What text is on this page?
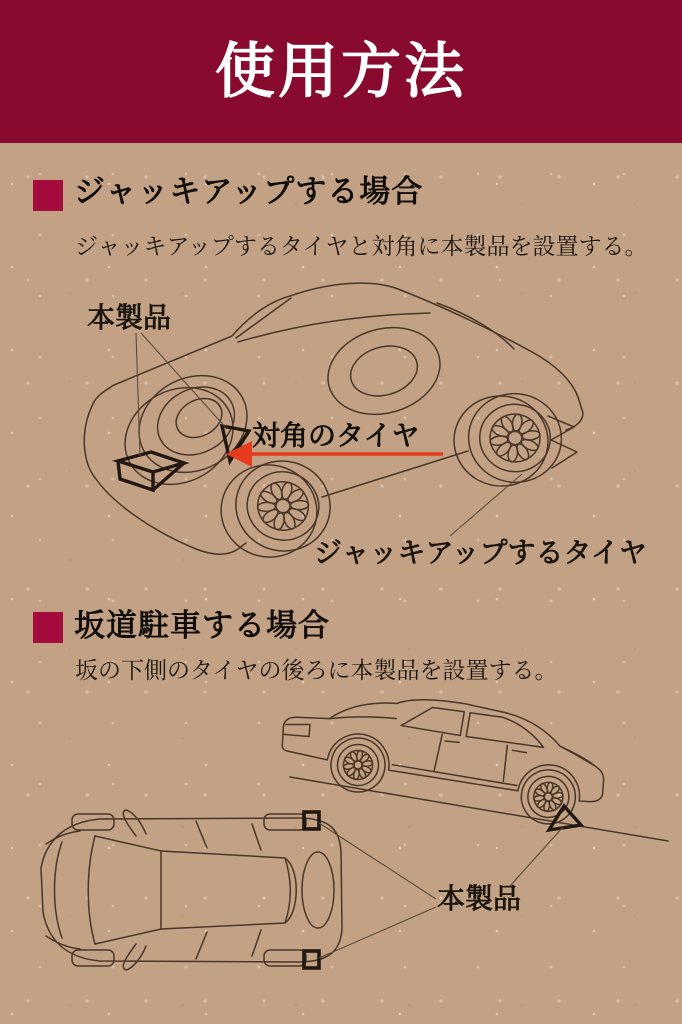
使用方法
ジャッキアップする場合
ジャッキアップするタイヤと対角に本製品を設置する。
坂道駐車する場合
坂の下側のタイヤの後ろに本製品を設置する。
本製品
対角のタイヤ
ジャッキアップするタイヤ
本製品
